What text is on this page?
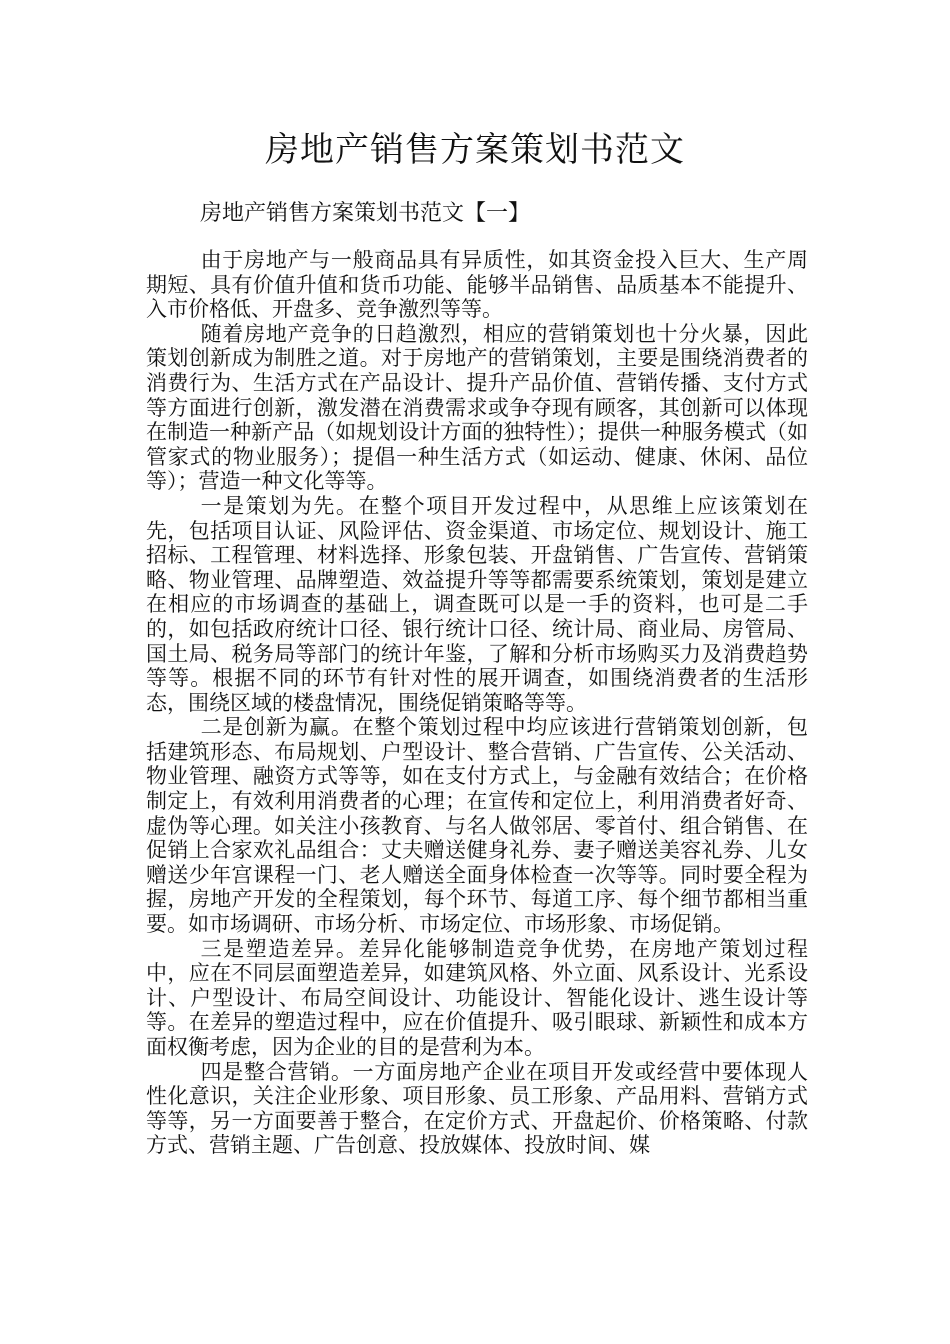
房地产销售方案策划书范文
房地产销售方案策划书范文【一】

由于房地产与一般商品具有异质性，如其资金投入巨大、生产周期短、具有价值升值和货币功能、能够半品销售、品质基本不能提升、入市价格低、开盘多、竞争激烈等等。

随着房地产竞争的日趋激烈，相应的营销策划也十分火暴，因此策划创新成为制胜之道。对于房地产的营销策划，主要是围绕消费者的消费行为、生活方式在产品设计、提升产品价值、营销传播、支付方式等方面进行创新，激发潜在消费需求或争夺现有顾客，其创新可以体现在制造一种新产品（如规划设计方面的独特性）；提供一种服务模式（如管家式的物业服务）；提倡一种生活方式（如运动、健康、休闲、品位等）；营造一种文化等等。

一是策划为先。在整个项目开发过程中，从思维上应该策划在先，包括项目认证、风险评估、资金渠道、市场定位、规划设计、施工招标、工程管理、材料选择、形象包装、开盘销售、广告宣传、营销策略、物业管理、品牌塑造、效益提升等等都需要系统策划，策划是建立在相应的市场调查的基础上，调查既可以是一手的资料，也可是二手的，如包括政府统计口径、银行统计口径、统计局、商业局、房管局、国土局、税务局等部门的统计年鉴，了解和分析市场购买力及消费趋势等等。根据不同的环节有针对性的展开调查，如围绕消费者的生活形态，围绕区域的楼盘情况，围绕促销策略等等。

二是创新为赢。在整个策划过程中均应该进行营销策划创新，包括建筑形态、布局规划、户型设计、整合营销、广告宣传、公关活动、物业管理、融资方式等等，如在支付方式上，与金融有效结合；在价格制定上，有效利用消费者的心理；在宣传和定位上，利用消费者好奇、虚伪等心理。如关注小孩教育、与名人做邻居、零首付、组合销售、在促销上合家欢礼品组合：丈夫赠送健身礼券、妻子赠送美容礼券、儿女赠送少年宫课程一门、老人赠送全面身体检查一次等等。同时要全程为握，房地产开发的全程策划，每个环节、每道工序、每个细节都相当重要。如市场调研、市场分析、市场定位、市场形象、市场促销。

三是塑造差异。差异化能够制造竞争优势，在房地产策划过程中，应在不同层面塑造差异，如建筑风格、外立面、风系设计、光系设计、户型设计、布局空间设计、功能设计、智能化设计、逃生设计等等。在差异的塑造过程中，应在价值提升、吸引眼球、新颖性和成本方面权衡考虑，因为企业的目的是营利为本。

四是整合营销。一方面房地产企业在项目开发或经营中要体现人性化意识，关注企业形象、项目形象、员工形象、产品用料、营销方式等等，另一方面要善于整合，在定价方式、开盘起价、价格策略、付款方式、营销主题、广告创意、投放媒体、投放时间、媒
